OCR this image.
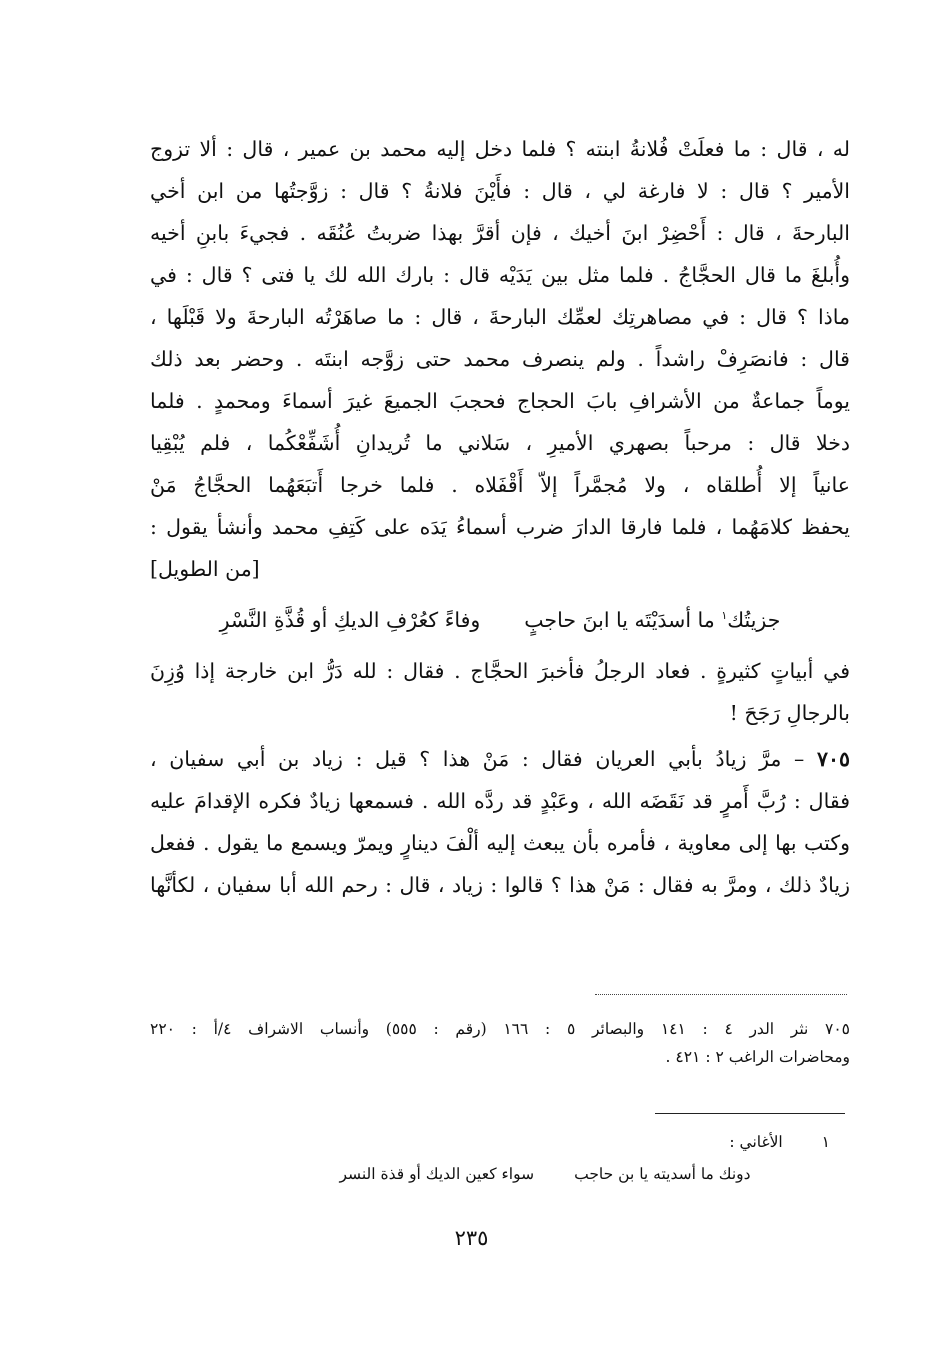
له ، قال : ما فعلَتْ فُلانةُ ابنته ؟ فلما دخل إليه محمد بن عمير ، قال : ألا تزوج
الأمير ؟ قال : لا فارغة لي ، قال : فأَيْنَ فلانةُ ؟ قال : زوَّجتُها من ابن أخي
البارحةَ ، قال : أَحْضِرْ ابنَ أخيك ، فإن أقرَّ بهذا ضربتُ عُنُقَه . فجيءَ بابنِ أخيه
وأُبلغَ ما قال الحجَّاجُ . فلما مثل بين يَدَيْه قال : بارك الله لك يا فتى ؟ قال : في
ماذا ؟ قال : في مصاهرتِك لعمِّك البارحةَ ، قال : ما صاهَرْتُه البارحةَ ولا قَبْلَها ،
قال : فانصَرِفْ راشداً . ولم ينصرف محمد حتى زوَّجه ابنتَه . وحضر بعد ذلك
يوماً جماعةٌ من الأشرافِ بابَ الحجاج فحجبَ الجميعَ غيرَ أسماءَ ومحمدٍ . فلما
دخلا قال : مرحباً بصهري الأميرِ ، سَلاني ما تُريدانِ أُشَفِّعْكُما ، فلم يُبْقِيا
عانياً إلا أُطلقاه ، ولا مُجمَّراً إلاّ أَقْفَلاه . فلما خرجا أَتبَعَهُما الحجَّاجُ مَنْ
يحفظ كلامَهُما ، فلما فارقا الدارَ ضرب أسماءُ يَدَه على كَتِفِ محمد وأنشأ يقول :
[من الطويل]
جزيتُك$^١$ ما أسدَيْتَه يا ابنَ حاجبٍ
وفاءً كعُرْفِ الديكِ أو قُذَّةِ النَّسْرِ
في أبياتٍ كثيرةٍ . فعاد الرجلُ فأخبرَ الحجَّاج . فقال : لله دَرُّ ابن خارجة إذا وُزِنَ
بالرجالِ رَجَحَ !
٧٠٥ – مرَّ زيادُ بأبي العريان فقال : مَنْ هذا ؟ قيل : زياد بن أبي سفيان ،
فقال : رُبَّ أَمرٍ قد نَقَضَه الله ، وعَبْدٍ قد ردَّه الله . فسمعها زيادٌ فكره الإقدامَ عليه
وكتب بها إلى معاوية ، فأمره بأن يبعث إليه ألْفَ دينارٍ ويمرّ ويسمع ما يقول . ففعل
زيادٌ ذلك ، ومرَّ به فقال : مَنْ هذا ؟ قالوا : زياد ، قال : رحم الله أبا سفيان ، لكأنَّها
٧٠٥ نثر الدر ٤ : ١٤١ والبصائر ٥ : ١٦٦ (رقم : ٥٥٥) وأنساب الاشراف ٤/أ : ٢٢٠
ومحاضرات الراغب ٢ : ٤٢١ .
١ الأغاني :
دونك ما أسديته يا بن حاجب
سواء كعين الديك أو قذة النسر
٢٣٥
